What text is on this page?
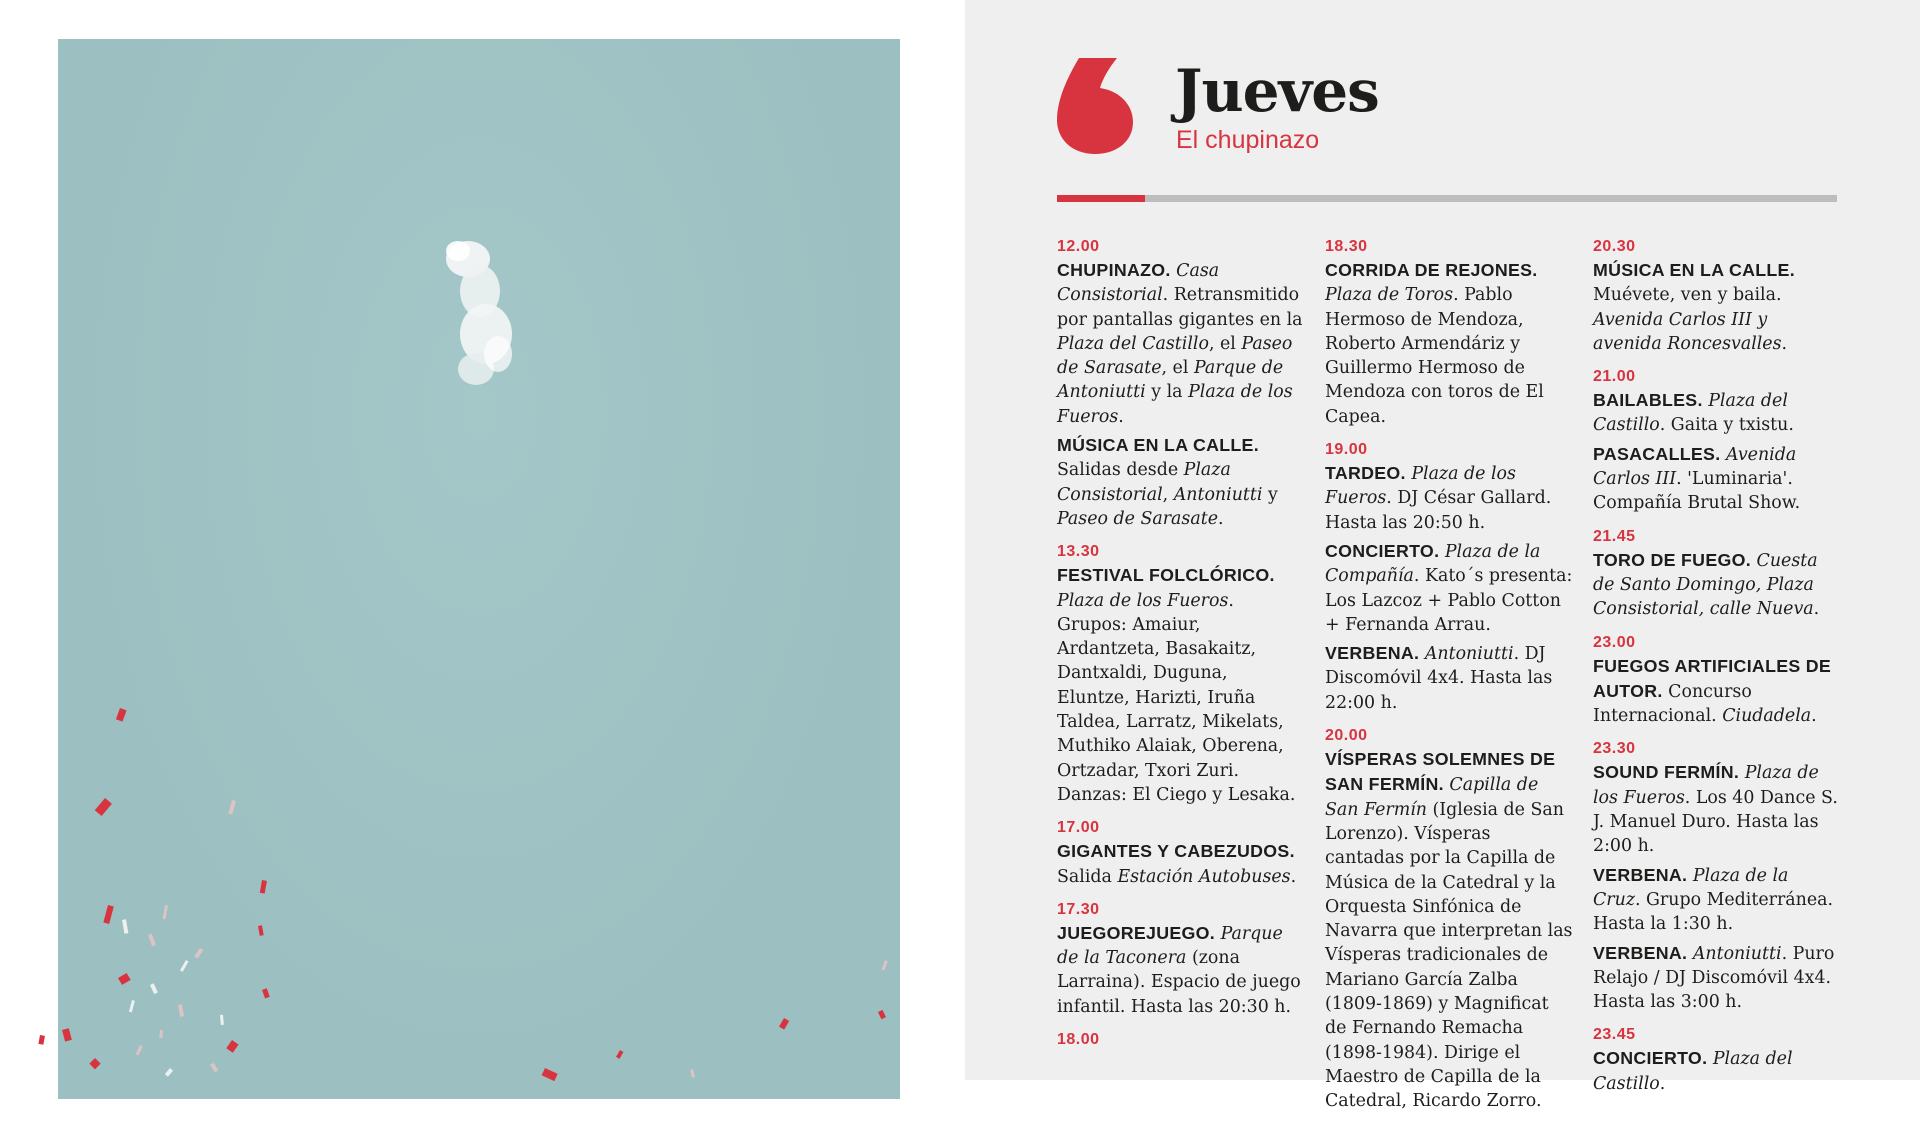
Jueves
El chupinazo
12.00
CHUPINAZO. Casa Consistorial. Retransmitido por pantallas gigantes en la Plaza del Castillo, el Paseo de Sarasate, el Parque de Antoniutti y la Plaza de los Fueros.
MÚSICA EN LA CALLE. Salidas desde Plaza Consistorial, Antoniutti y Paseo de Sarasate.
13.30
FESTIVAL FOLCLÓRICO. Plaza de los Fueros. Grupos: Amaiur, Ardantzeta, Basakaitz, Dantxaldi, Duguna, Eluntze, Harizti, Iruña Taldea, Larratz, Mikelats, Muthiko Alaiak, Oberena, Ortzadar, Txori Zuri. Danzas: El Ciego y Lesaka.
17.00
GIGANTES Y CABEZUDOS. Salida Estación Autobuses.
17.30
JUEGOREJUEGO. Parque de la Taconera (zona Larraina). Espacio de juego infantil. Hasta las 20:30 h.
18.00
18.30
CORRIDA DE REJONES. Plaza de Toros. Pablo Hermoso de Mendoza, Roberto Armendáriz y Guillermo Hermoso de Mendoza con toros de El Capea.
19.00
TARDEO. Plaza de los Fueros. DJ César Gallard. Hasta las 20:50 h.
CONCIERTO. Plaza de la Compañía. Kato´s presenta: Los Lazcoz + Pablo Cotton + Fernanda Arrau.
VERBENA. Antoniutti. DJ Discomóvil 4x4. Hasta las 22:00 h.
20.00
VÍSPERAS SOLEMNES DE SAN FERMÍN. Capilla de San Fermín (Iglesia de San Lorenzo). Vísperas cantadas por la Capilla de Música de la Catedral y la Orquesta Sinfónica de Navarra que interpretan las Vísperas tradicionales de Mariano García Zalba (1809-1869) y Magnificat de Fernando Remacha (1898-1984). Dirige el Maestro de Capilla de la Catedral, Ricardo Zorro.
20.30
MÚSICA EN LA CALLE. Muévete, ven y baila. Avenida Carlos III y avenida Roncesvalles.
21.00
BAILABLES. Plaza del Castillo. Gaita y txistu.
PASACALLES. Avenida Carlos III. 'Luminaria'. Compañía Brutal Show.
21.45
TORO DE FUEGO. Cuesta de Santo Domingo, Plaza Consistorial, calle Nueva.
23.00
FUEGOS ARTIFICIALES DE AUTOR. Concurso Internacional. Ciudadela.
23.30
SOUND FERMÍN. Plaza de los Fueros. Los 40 Dance S. J. Manuel Duro. Hasta las 2:00 h.
VERBENA. Plaza de la Cruz. Grupo Mediterránea. Hasta la 1:30 h.
VERBENA. Antoniutti. Puro Relajo / DJ Discomóvil 4x4. Hasta las 3:00 h.
23.45
CONCIERTO. Plaza del Castillo.
